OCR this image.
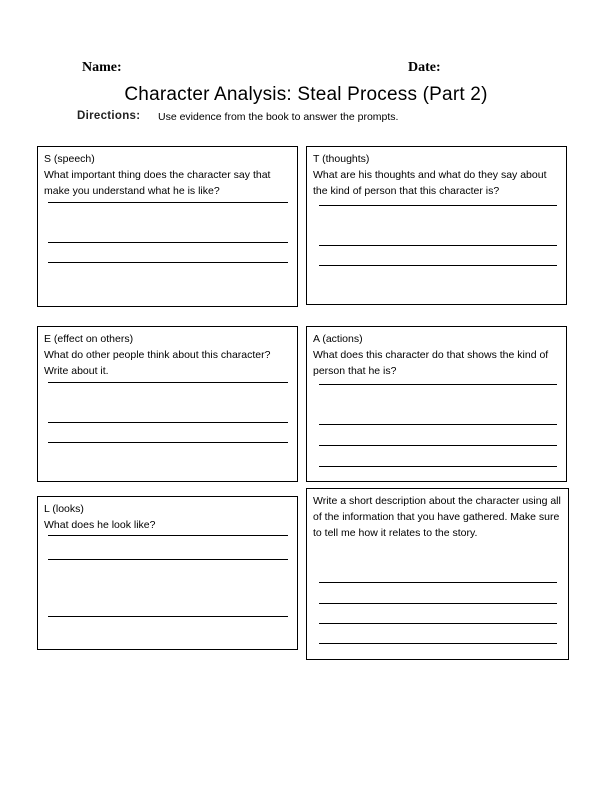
Name:	Date:
Character Analysis: Steal Process (Part 2)
Directions: Use evidence from the book to answer the prompts.
S (speech)
What important thing does the character say that make you understand what he is like?
T (thoughts)
What are his thoughts and what do they say about the kind of person that this character is?
E (effect on others)
What do other people think about this character? Write about it.
A (actions)
What does this character do that shows the kind of person that he is?
L (looks)
What does he look like?
Write a short description about the character using all of the information that you have gathered. Make sure to tell me how it relates to the story.
